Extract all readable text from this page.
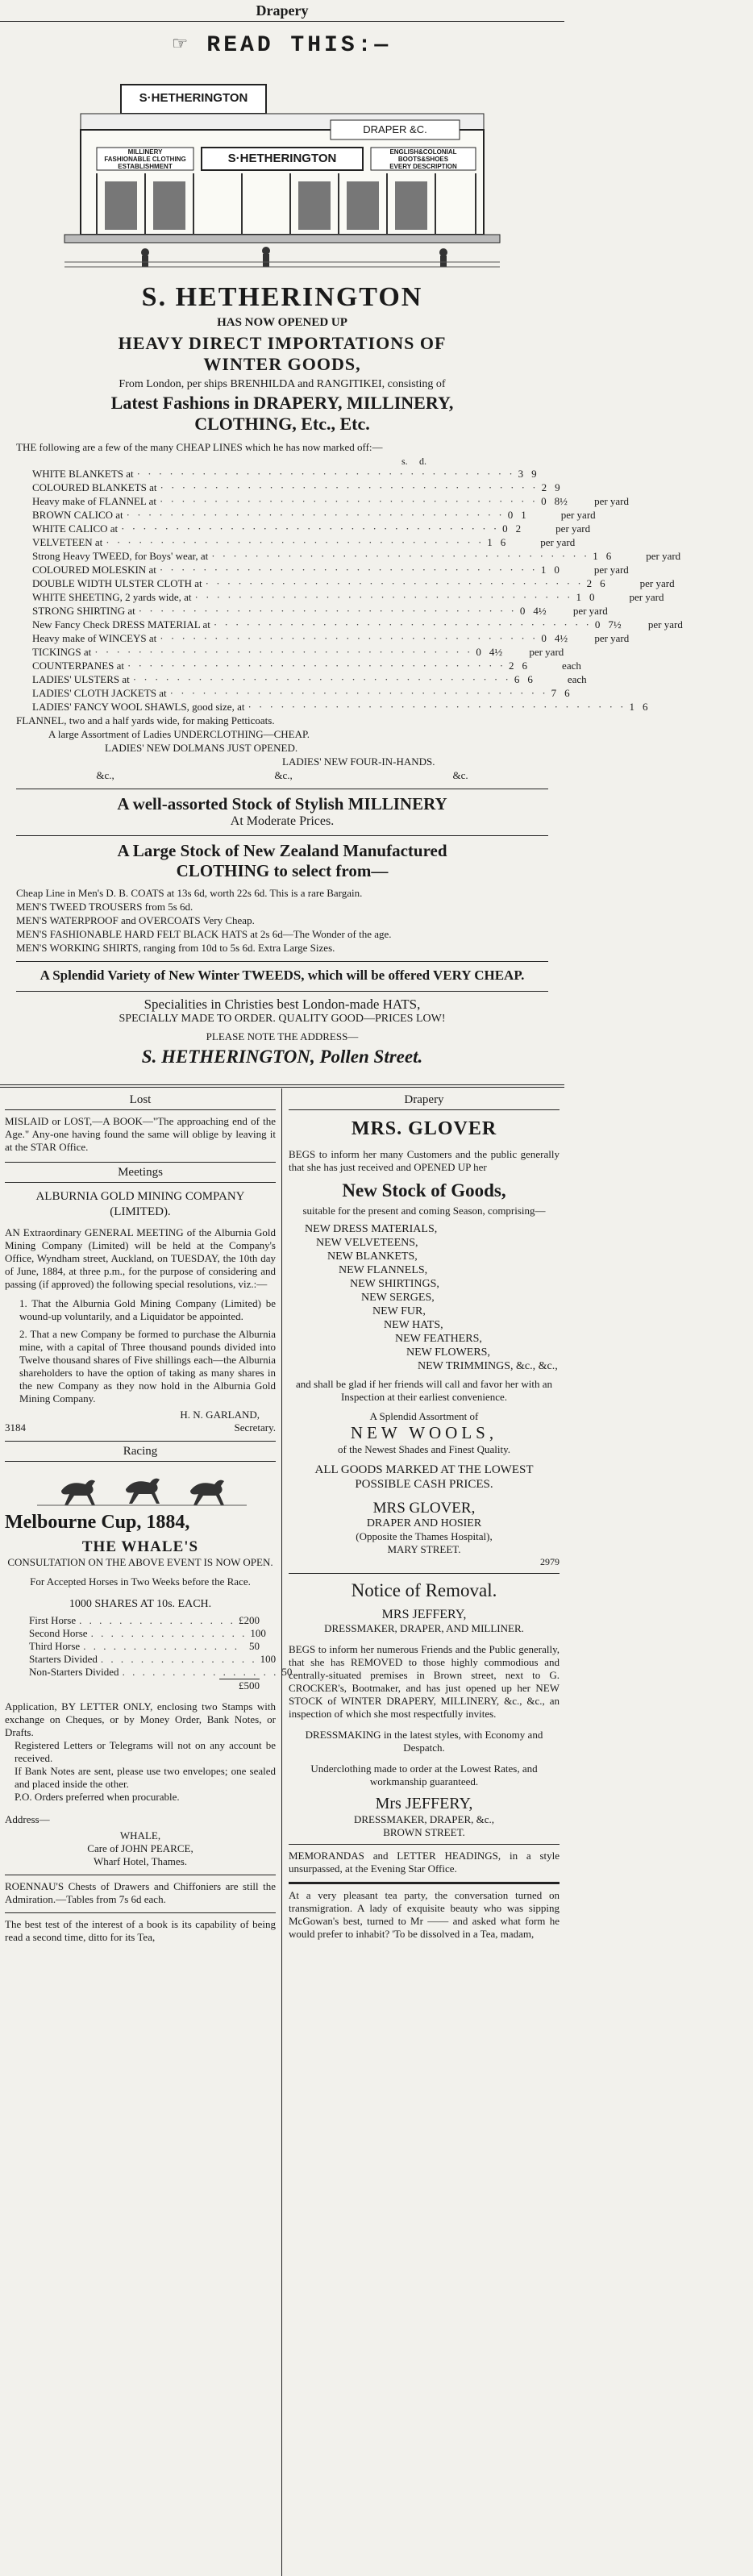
Drapery
☞ READ THIS:—
S·HETHERINGTON
DRAPER &C.
MILLINERY
FASHIONABLE CLOTHING
ESTABLISHMENT
S·HETHERINGTON	ENGLISH&COLONIAL
BOOTS&SHOES
EVERY DESCRIPTION
S. HETHERINGTON
HAS NOW OPENED UP
HEAVY DIRECT IMPORTATIONS OF
WINTER GOODS,
From London, per ships BRENHILDA and RANGITIKEI, consisting of
Latest Fashions in DRAPERY, MILLINERY,
CLOTHING, Etc., Etc.
THE following are a few of the many CHEAP LINES which he has now marked off:—
s. d.
WHITE BLANKETS at · · · · · · · · · · · · · · · · · · · · · · · · · · · · · · · · · · · 3 9
COLOURED BLANKETS at · · · · · · · · · · · · · · · · · · · · · · · · · · · · · · · · · · · 2 9
Heavy make of FLANNEL at · · · · · · · · · · · · · · · · · · · · · · · · · · · · · · · · · · · 0 8½	per yard
BROWN CALICO at · · · · · · · · · · · · · · · · · · · · · · · · · · · · · · · · · · · 0 1	per yard
WHITE CALICO at · · · · · · · · · · · · · · · · · · · · · · · · · · · · · · · · · · · 0 2	per yard
VELVETEEN at · · · · · · · · · · · · · · · · · · · · · · · · · · · · · · · · · · · 1 6	per yard
Strong Heavy TWEED, for Boys' wear, at · · · · · · · · · · · · · · · · · · · · · · · · · · · · · · · · · · · 1 6	per yard
COLOURED MOLESKIN at · · · · · · · · · · · · · · · · · · · · · · · · · · · · · · · · · · · 1 0	per yard
DOUBLE WIDTH ULSTER CLOTH at · · · · · · · · · · · · · · · · · · · · · · · · · · · · · · · · · · · 2 6	per yard
WHITE SHEETING, 2 yards wide, at · · · · · · · · · · · · · · · · · · · · · · · · · · · · · · · · · · · 1 0	per yard
STRONG SHIRTING at · · · · · · · · · · · · · · · · · · · · · · · · · · · · · · · · · · · 0 4½	per yard
New Fancy Check DRESS MATERIAL at · · · · · · · · · · · · · · · · · · · · · · · · · · · · · · · · · · · 0 7½	per yard
Heavy make of WINCEYS at · · · · · · · · · · · · · · · · · · · · · · · · · · · · · · · · · · · 0 4½	per yard
TICKINGS at · · · · · · · · · · · · · · · · · · · · · · · · · · · · · · · · · · · 0 4½	per yard
COUNTERPANES at · · · · · · · · · · · · · · · · · · · · · · · · · · · · · · · · · · · 2 6	each
LADIES' ULSTERS at · · · · · · · · · · · · · · · · · · · · · · · · · · · · · · · · · · · 6 6	each
LADIES' CLOTH JACKETS at · · · · · · · · · · · · · · · · · · · · · · · · · · · · · · · · · · · 7 6
LADIES' FANCY WOOL SHAWLS, good size, at · · · · · · · · · · · · · · · · · · · · · · · · · · · · · · · · · · · 1 6
FLANNEL, two and a half yards wide, for making Petticoats.
A large Assortment of Ladies UNDERCLOTHING—CHEAP.
LADIES' NEW DOLMANS JUST OPENED.
LADIES' NEW FOUR-IN-HANDS.
&c.,	&c.,	&c.
A well-assorted Stock of Stylish MILLINERY
At Moderate Prices.
A Large Stock of New Zealand Manufactured
CLOTHING to select from—
Cheap Line in Men's D. B. COATS at 13s 6d, worth 22s 6d. This is a rare Bargain.
MEN'S TWEED TROUSERS from 5s 6d.
MEN'S WATERPROOF and OVERCOATS Very Cheap.
MEN'S FASHIONABLE HARD FELT BLACK HATS at 2s 6d—The Wonder of the age.
MEN'S WORKING SHIRTS, ranging from 10d to 5s 6d. Extra Large Sizes.
A Splendid Variety of New Winter TWEEDS, which will be offered VERY CHEAP.
Specialities in Christies best London-made HATS,
SPECIALLY MADE TO ORDER. QUALITY GOOD—PRICES LOW!
PLEASE NOTE THE ADDRESS—
S. HETHERINGTON, Pollen Street.
Lost

MISLAID or LOST,—A BOOK—"The approaching end of the Age." Any-one having found the same will oblige by leaving it at the STAR Office.

Meetings
ALBURNIA GOLD MINING COMPANY (LIMITED).

AN Extraordinary GENERAL MEETING of the Alburnia Gold Mining Company (Limited) will be held at the Company's Office, Wyndham street, Auckland, on TUESDAY, the 10th day of June, 1884, at three p.m., for the purpose of considering and passing (if approved) the following special resolutions, viz.:—

1. That the Alburnia Gold Mining Company (Limited) be wound-up voluntarily, and a Liquidator be appointed.

2. That a new Company be formed to purchase the Alburnia mine, with a capital of Three thousand pounds divided into Twelve thousand shares of Five shillings each—the Alburnia shareholders to have the option of taking as many shares in the new Company as they now hold in the Alburnia Gold Mining Company.

H. N. GARLAND,
3184	Secretary.
Racing
Melbourne Cup, 1884,
THE WHALE'S
CONSULTATION ON THE ABOVE EVENT IS NOW OPEN.
For Accepted Horses in Two Weeks before the Race.
1000 SHARES AT 10s. EACH.
First Horse . . . . . . . . . . . . . . . . £200
Second Horse . . . . . . . . . . . . . . . . 100
Third Horse . . . . . . . . . . . . . . . . 50
Starters Divided . . . . . . . . . . . . . . . . 100
Non-Starters Divided . . . . . . . . . . . . . . . . 50
£500

Application, BY LETTER ONLY, enclosing two Stamps with exchange on Cheques, or by Money Order, Bank Notes, or Drafts.

Registered Letters or Telegrams will not on any account be received.

If Bank Notes are sent, please use two envelopes; one sealed and placed inside the other.

P.O. Orders preferred when procurable.

Address—
WHALE,
Care of JOHN PEARCE,
Wharf Hotel, Thames.

ROENNAU'S Chests of Drawers and Chiffoniers are still the Admiration.—Tables from 7s 6d each.

The best test of the interest of a book is its capability of being read a second time, ditto for its Tea,

Drapery
MRS. GLOVER

BEGS to inform her many Customers and the public generally that she has just received and OPENED UP her

New Stock of Goods,
suitable for the present and coming Season, comprising—
NEW DRESS MATERIALS,
NEW VELVETEENS,
NEW BLANKETS,
NEW FLANNELS,
NEW SHIRTINGS,
NEW SERGES,
NEW FUR,
NEW HATS,
NEW FEATHERS,
NEW FLOWERS,
NEW TRIMMINGS, &c., &c.,

and shall be glad if her friends will call and favor her with an Inspection at their earliest convenience.

A Splendid Assortment of
NEW WOOLS,
of the Newest Shades and Finest Quality.
ALL GOODS MARKED AT THE LOWEST POSSIBLE CASH PRICES.
MRS GLOVER,
DRAPER AND HOSIER
(Opposite the Thames Hospital),
MARY STREET.
2979
Notice of Removal.
MRS JEFFERY,
DRESSMAKER, DRAPER, AND MILLINER.

BEGS to inform her numerous Friends and the Public generally, that she has REMOVED to those highly commodious and centrally-situated premises in Brown street, next to G. CROCKER's, Bootmaker, and has just opened up her NEW STOCK of WINTER DRAPERY, MILLINERY, &c., &c., an inspection of which she most respectfully invites.

DRESSMAKING in the latest styles, with Economy and Despatch.

Underclothing made to order at the Lowest Rates, and workmanship guaranteed.

Mrs JEFFERY,
DRESSMAKER, DRAPER, &c.,
BROWN STREET.

MEMORANDAS and LETTER HEADINGS, in a style unsurpassed, at the Evening Star Office.

At a very pleasant tea party, the conversation turned on transmigration. A lady of exquisite beauty who was sipping McGowan's best, turned to Mr —— and asked what form he would prefer to inhabit? 'To be dissolved in a Tea, madam,
